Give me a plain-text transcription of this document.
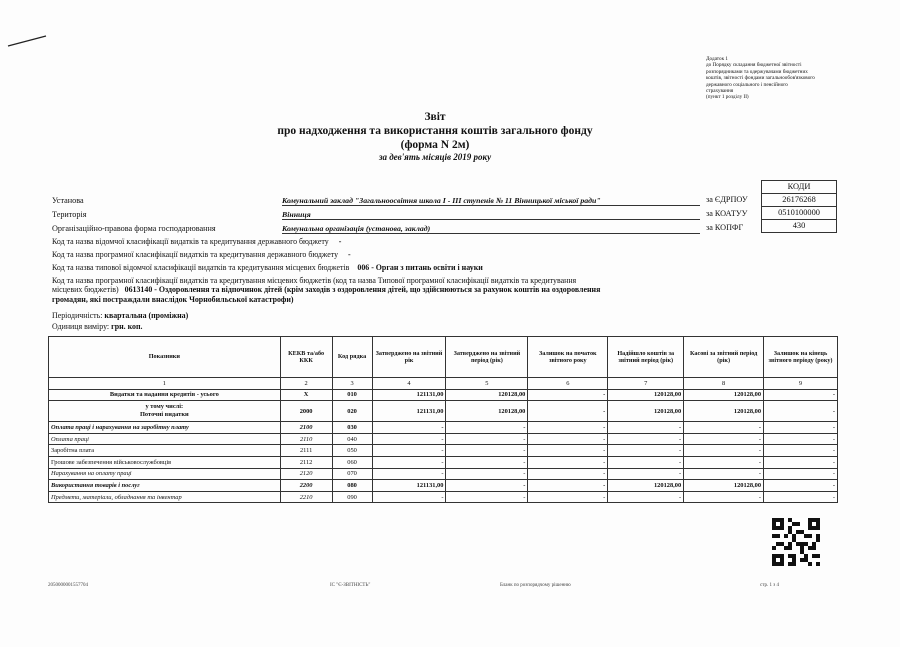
Додаток 1
до Порядку складання бюджетної звітності
розпорядниками та одержувачами бюджетних
коштів, звітності фондами загальнообов'язкового
державного соціального і пенсійного
страхування
(пункт 1 розділу II)
Звіт
про надходження та використання коштів загального фонду
(форма N 2м)
за дев'ять місяців 2019 року
КОДИ
26176268
0510100000
430
за ЄДРПОУ
за КОАТУУ
за КОПФГ
Установа	Комунальний заклад "Загальноосвітня школа І - ІІІ ступенів № 11 Вінницької міської ради"
Територія	Вінниця
Організаційно-правова форма господарювання	Комунальна організація (установа, заклад)
Код та назва відомчої класифікації видатків та кредитування державного бюджету -
Код та назва програмної класифікації видатків та кредитування державного бюджету -
Код та назва типової відомчої класифікації видатків та кредитування місцевих бюджетів 006 - Орган з питань освіти і науки
Код та назва програмної класифікації видатків та кредитування місцевих бюджетів (код та назва Типової програмної класифікації видатків та кредитування
місцевих бюджетів) 0613140 - Оздоровлення та відпочинок дітей (крім заходів з оздоровлення дітей, що здійснюються за рахунок коштів на оздоровлення
громадян, які постраждали внаслідок Чорнобильської катастрофи)
Періодичність: квартальна (проміжна)
Одиниця виміру: грн. коп.
Показники	КЕКВ та/або ККК	Код рядка	Затверджено на звітний рік	Затверджено на звітний період (рік)	Залишок на початок звітного року	Надійшло коштів за звітний період (рік)	Касові за звітний період (рік)	Залишок на кінець звітного періоду (року)
1	2	3	4	5	6	7	8	9
Видатки та надання кредитів - усього	X	010	121131,00	120128,00	-	120128,00	120128,00	-

у тому числі:
Поточні видатки	2000	020	121131,00	120128,00	-	120128,00	120128,00	-
Оплата праці і нарахування на заробітну плату	2100	030	-	-	-	-	-	-
Оплата праці	2110	040	-	-	-	-	-	-
Заробітна плата	2111	050	-	-	-	-	-	-
Грошове забезпечення військовослужбовців	2112	060	-	-	-	-	-	-
Нарахування на оплату праці	2120	070	-	-	-	-	-	-
Використання товарів і послуг	2200	080	121131,00	-	-	120128,00	120128,00	-
Предмети, матеріали, обладнання та інвентар	2210	090	-	-	-	-	-	-
2050000001557704	ІС "Є-ЗВІТНІСТЬ"	Бланк по розпорядчому рішенню	стр. 1 з 4
